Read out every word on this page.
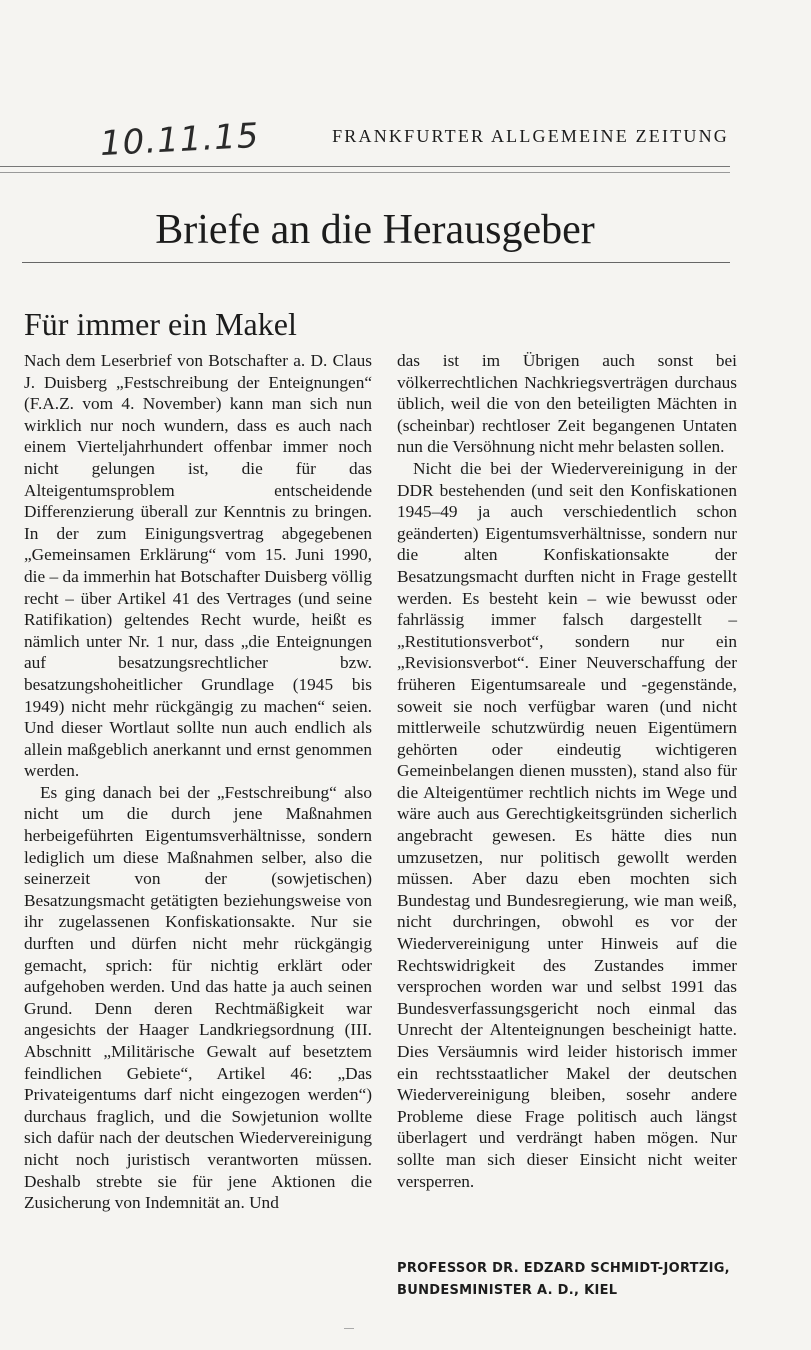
10.11.15	FRANKFURTER ALLGEMEINE ZEITUNG
Briefe an die Herausgeber
Für immer ein Makel

Nach dem Leserbrief von Botschafter a. D. Claus J. Duisberg „Festschreibung der Enteignungen“ (F.A.Z. vom 4. November) kann man sich nun wirklich nur noch wundern, dass es auch nach einem Vierteljahrhundert offenbar immer noch nicht gelungen ist, die für das Alteigentumsproblem entscheidende Differenzierung überall zur Kenntnis zu bringen. In der zum Einigungsvertrag abgegebenen „Gemeinsamen Erklärung“ vom 15. Juni 1990, die – da immerhin hat Botschafter Duisberg völlig recht – über Artikel 41 des Vertrages (und seine Ratifikation) geltendes Recht wurde, heißt es nämlich unter Nr. 1 nur, dass „die Enteignungen auf besatzungsrechtlicher bzw. besatzungshoheitlicher Grundlage (1945 bis 1949) nicht mehr rückgängig zu machen“ seien. Und dieser Wortlaut sollte nun auch endlich als allein maßgeblich anerkannt und ernst genommen werden.

Es ging danach bei der „Festschreibung“ also nicht um die durch jene Maßnahmen herbeigeführten Eigentumsverhältnisse, sondern lediglich um diese Maßnahmen selber, also die seinerzeit von der (sowjetischen) Besatzungsmacht getätigten beziehungsweise von ihr zugelassenen Konfiskationsakte. Nur sie durften und dürfen nicht mehr rückgängig gemacht, sprich: für nichtig erklärt oder aufgehoben werden. Und das hatte ja auch seinen Grund. Denn deren Rechtmäßigkeit war angesichts der Haager Landkriegsordnung (III. Abschnitt „Militärische Gewalt auf besetztem feindlichen Gebiete“, Artikel 46: „Das Privateigentums darf nicht eingezogen werden“) durchaus fraglich, und die Sowjetunion wollte sich dafür nach der deutschen Wiedervereinigung nicht noch juristisch verantworten müssen. Deshalb strebte sie für jene Aktionen die Zusicherung von Indemnität an. Und

das ist im Übrigen auch sonst bei völkerrechtlichen Nachkriegsverträgen durchaus üblich, weil die von den beteiligten Mächten in (scheinbar) rechtloser Zeit begangenen Untaten nun die Versöhnung nicht mehr belasten sollen.

Nicht die bei der Wiedervereinigung in der DDR bestehenden (und seit den Konfiskationen 1945–49 ja auch verschiedentlich schon geänderten) Eigentumsverhältnisse, sondern nur die alten Konfiskationsakte der Besatzungsmacht durften nicht in Frage gestellt werden. Es besteht kein – wie bewusst oder fahrlässig immer falsch dargestellt – „Restitutionsverbot“, sondern nur ein „Revisionsverbot“. Einer Neuverschaffung der früheren Eigentumsareale und -gegenstände, soweit sie noch verfügbar waren (und nicht mittlerweile schutzwürdig neuen Eigentümern gehörten oder eindeutig wichtigeren Gemeinbelangen dienen mussten), stand also für die Alteigentümer rechtlich nichts im Wege und wäre auch aus Gerechtigkeitsgründen sicherlich angebracht gewesen. Es hätte dies nun umzusetzen, nur politisch gewollt werden müssen. Aber dazu eben mochten sich Bundestag und Bundesregierung, wie man weiß, nicht durchringen, obwohl es vor der Wiedervereinigung unter Hinweis auf die Rechtswidrigkeit des Zustandes immer versprochen worden war und selbst 1991 das Bundesverfassungsgericht noch einmal das Unrecht der Altenteignungen bescheinigt hatte. Dies Versäumnis wird leider historisch immer ein rechtsstaatlicher Makel der deutschen Wiedervereinigung bleiben, sosehr andere Probleme diese Frage politisch auch längst überlagert und verdrängt haben mögen. Nur sollte man sich dieser Einsicht nicht weiter versperren.

PROFESSOR DR. EDZARD SCHMIDT-JORTZIG,
BUNDESMINISTER A. D., KIEL
